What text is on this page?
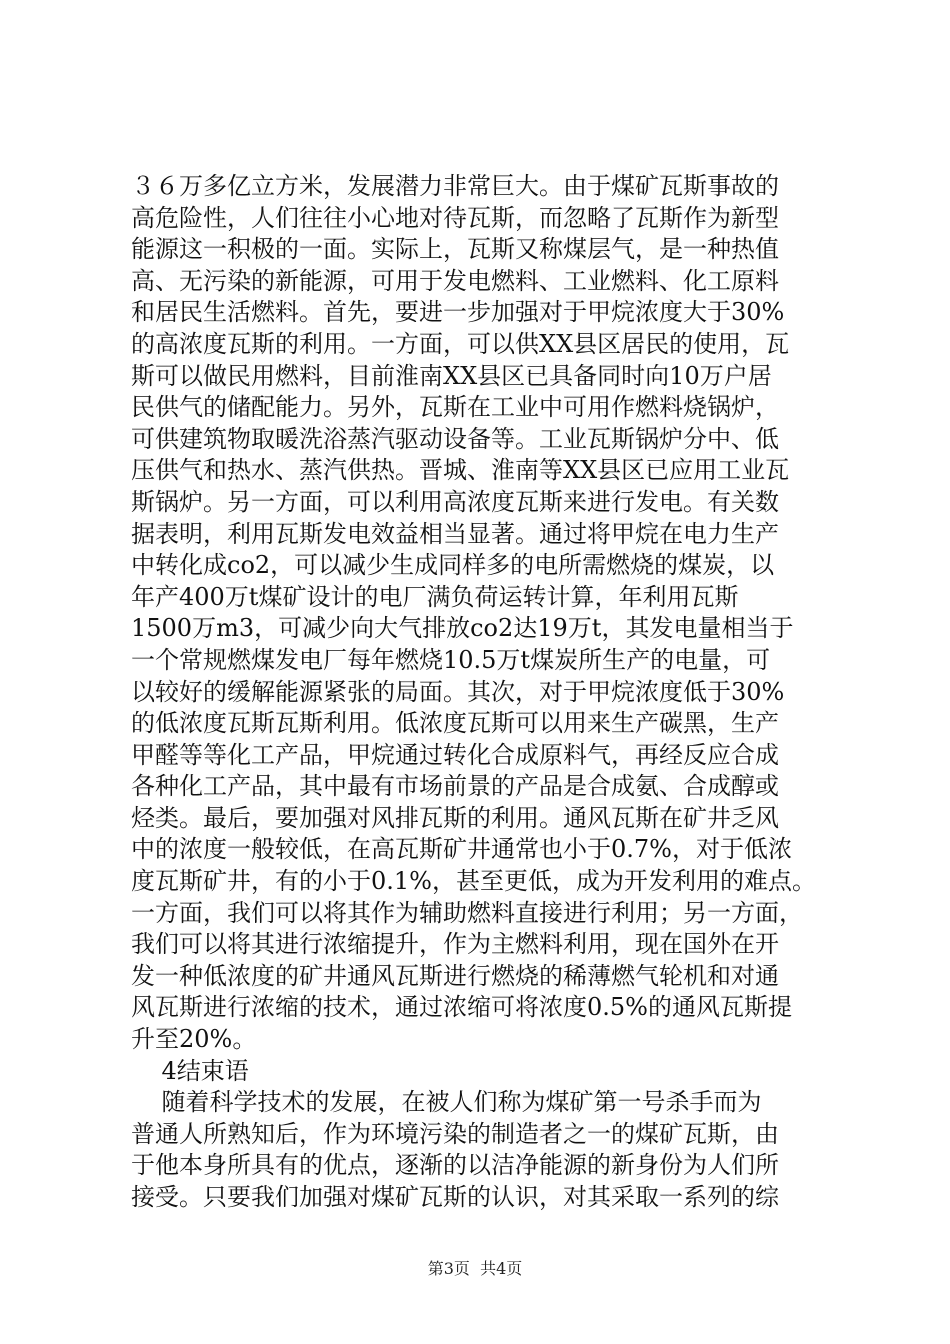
３６万多亿立方米，发展潜力非常巨大。由于煤矿瓦斯事故的
高危险性，人们往往小心地对待瓦斯，而忽略了瓦斯作为新型
能源这一积极的一面。实际上，瓦斯又称煤层气，是一种热值
高、无污染的新能源，可用于发电燃料、工业燃料、化工原料
和居民生活燃料。首先，要进一步加强对于甲烷浓度大于30%
的高浓度瓦斯的利用。一方面，可以供XX县区居民的使用，瓦
斯可以做民用燃料，目前淮南XX县区已具备同时向10万户居
民供气的储配能力。另外，瓦斯在工业中可用作燃料烧锅炉，
可供建筑物取暖洗浴蒸汽驱动设备等。工业瓦斯锅炉分中、低
压供气和热水、蒸汽供热。晋城、淮南等XX县区已应用工业瓦
斯锅炉。另一方面，可以利用高浓度瓦斯来进行发电。有关数
据表明，利用瓦斯发电效益相当显著。通过将甲烷在电力生产
中转化成co2，可以减少生成同样多的电所需燃烧的煤炭，以
年产400万t煤矿设计的电厂满负荷运转计算，年利用瓦斯
1500万m3，可减少向大气排放co2达19万t，其发电量相当于
一个常规燃煤发电厂每年燃烧10.5万t煤炭所生产的电量，可
以较好的缓解能源紧张的局面。其次，对于甲烷浓度低于30%
的低浓度瓦斯瓦斯利用。低浓度瓦斯可以用来生产碳黑，生产
甲醛等等化工产品，甲烷通过转化合成原料气，再经反应合成
各种化工产品，其中最有市场前景的产品是合成氨、合成醇或
烃类。最后，要加强对风排瓦斯的利用。通风瓦斯在矿井乏风
中的浓度一般较低，在高瓦斯矿井通常也小于0.7%，对于低浓
度瓦斯矿井，有的小于0.1%，甚至更低，成为开发利用的难点。
一方面，我们可以将其作为辅助燃料直接进行利用；另一方面，
我们可以将其进行浓缩提升，作为主燃料利用，现在国外在开
发一种低浓度的矿井通风瓦斯进行燃烧的稀薄燃气轮机和对通
风瓦斯进行浓缩的技术，通过浓缩可将浓度0.5%的通风瓦斯提
升至20%。
4结束语
随着科学技术的发展，在被人们称为煤矿第一号杀手而为
普通人所熟知后，作为环境污染的制造者之一的煤矿瓦斯，由
于他本身所具有的优点，逐渐的以洁净能源的新身份为人们所
接受。只要我们加强对煤矿瓦斯的认识，对其采取一系列的综
第3页  共4页
